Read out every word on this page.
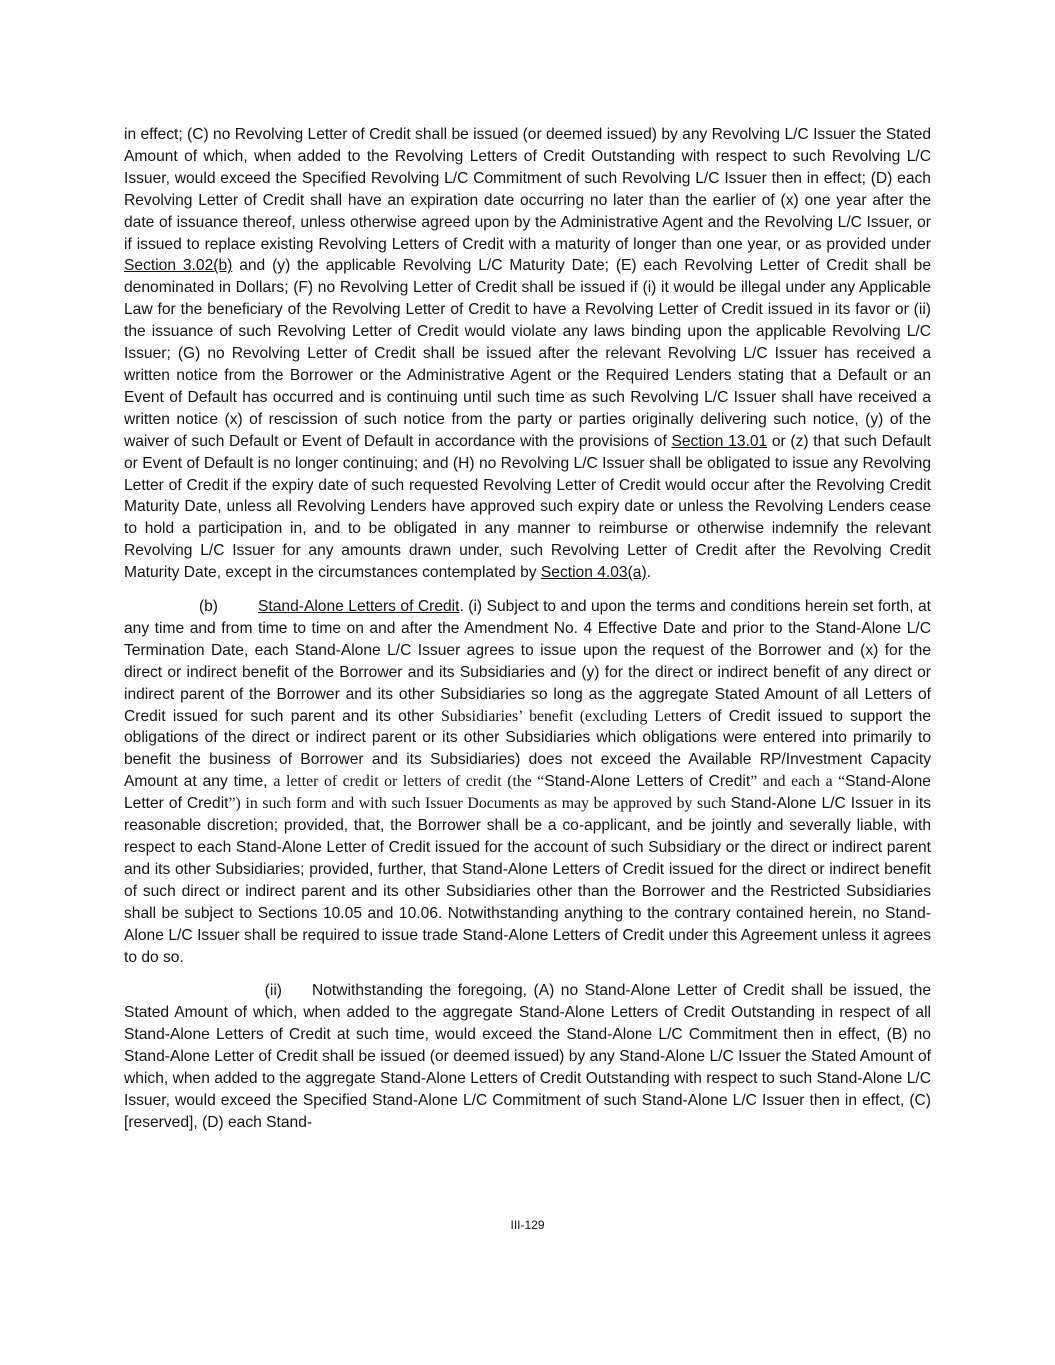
in effect; (C) no Revolving Letter of Credit shall be issued (or deemed issued) by any Revolving L/C Issuer the Stated Amount of which, when added to the Revolving Letters of Credit Outstanding with respect to such Revolving L/C Issuer, would exceed the Specified Revolving L/C Commitment of such Revolving L/C Issuer then in effect; (D) each Revolving Letter of Credit shall have an expiration date occurring no later than the earlier of (x) one year after the date of issuance thereof, unless otherwise agreed upon by the Administrative Agent and the Revolving L/C Issuer, or if issued to replace existing Revolving Letters of Credit with a maturity of longer than one year, or as provided under Section 3.02(b) and (y) the applicable Revolving L/C Maturity Date; (E) each Revolving Letter of Credit shall be denominated in Dollars; (F) no Revolving Letter of Credit shall be issued if (i) it would be illegal under any Applicable Law for the beneficiary of the Revolving Letter of Credit to have a Revolving Letter of Credit issued in its favor or (ii) the issuance of such Revolving Letter of Credit would violate any laws binding upon the applicable Revolving L/C Issuer; (G) no Revolving Letter of Credit shall be issued after the relevant Revolving L/C Issuer has received a written notice from the Borrower or the Administrative Agent or the Required Lenders stating that a Default or an Event of Default has occurred and is continuing until such time as such Revolving L/C Issuer shall have received a written notice (x) of rescission of such notice from the party or parties originally delivering such notice, (y) of the waiver of such Default or Event of Default in accordance with the provisions of Section 13.01 or (z) that such Default or Event of Default is no longer continuing; and (H) no Revolving L/C Issuer shall be obligated to issue any Revolving Letter of Credit if the expiry date of such requested Revolving Letter of Credit would occur after the Revolving Credit Maturity Date, unless all Revolving Lenders have approved such expiry date or unless the Revolving Lenders cease to hold a participation in, and to be obligated in any manner to reimburse or otherwise indemnify the relevant Revolving L/C Issuer for any amounts drawn under, such Revolving Letter of Credit after the Revolving Credit Maturity Date, except in the circumstances contemplated by Section 4.03(a).

(b)	Stand-Alone Letters of Credit. (i) Subject to and upon the terms and conditions herein set forth, at any time and from time to time on and after the Amendment No. 4 Effective Date and prior to the Stand-Alone L/C Termination Date, each Stand-Alone L/C Issuer agrees to issue upon the request of the Borrower and (x) for the direct or indirect benefit of the Borrower and its Subsidiaries and (y) for the direct or indirect benefit of any direct or indirect parent of the Borrower and its other Subsidiaries so long as the aggregate Stated Amount of all Letters of Credit issued for such parent and its other Subsidiaries’ benefit (excluding Letters of Credit issued to support the obligations of the direct or indirect parent or its other Subsidiaries which obligations were entered into primarily to benefit the business of Borrower and its Subsidiaries) does not exceed the Available RP/Investment Capacity Amount at any time, a letter of credit or letters of credit (the “Stand-Alone Letters of Credit” and each a “Stand-Alone Letter of Credit”) in such form and with such Issuer Documents as may be approved by such Stand-Alone L/C Issuer in its reasonable discretion; provided, that, the Borrower shall be a co-applicant, and be jointly and severally liable, with respect to each Stand-Alone Letter of Credit issued for the account of such Subsidiary or the direct or indirect parent and its other Subsidiaries; provided, further, that Stand-Alone Letters of Credit issued for the direct or indirect benefit of such direct or indirect parent and its other Subsidiaries other than the Borrower and the Restricted Subsidiaries shall be subject to Sections 10.05 and 10.06. Notwithstanding anything to the contrary contained herein, no Stand-Alone L/C Issuer shall be required to issue trade Stand-Alone Letters of Credit under this Agreement unless it agrees to do so.

(ii) Notwithstanding the foregoing, (A) no Stand-Alone Letter of Credit shall be issued, the Stated Amount of which, when added to the aggregate Stand-Alone Letters of Credit Outstanding in respect of all Stand-Alone Letters of Credit at such time, would exceed the Stand-Alone L/C Commitment then in effect, (B) no Stand-Alone Letter of Credit shall be issued (or deemed issued) by any Stand-Alone L/C Issuer the Stated Amount of which, when added to the aggregate Stand-Alone Letters of Credit Outstanding with respect to such Stand-Alone L/C Issuer, would exceed the Specified Stand-Alone L/C Commitment of such Stand-Alone L/C Issuer then in effect, (C) [reserved], (D) each Stand-

III-129
